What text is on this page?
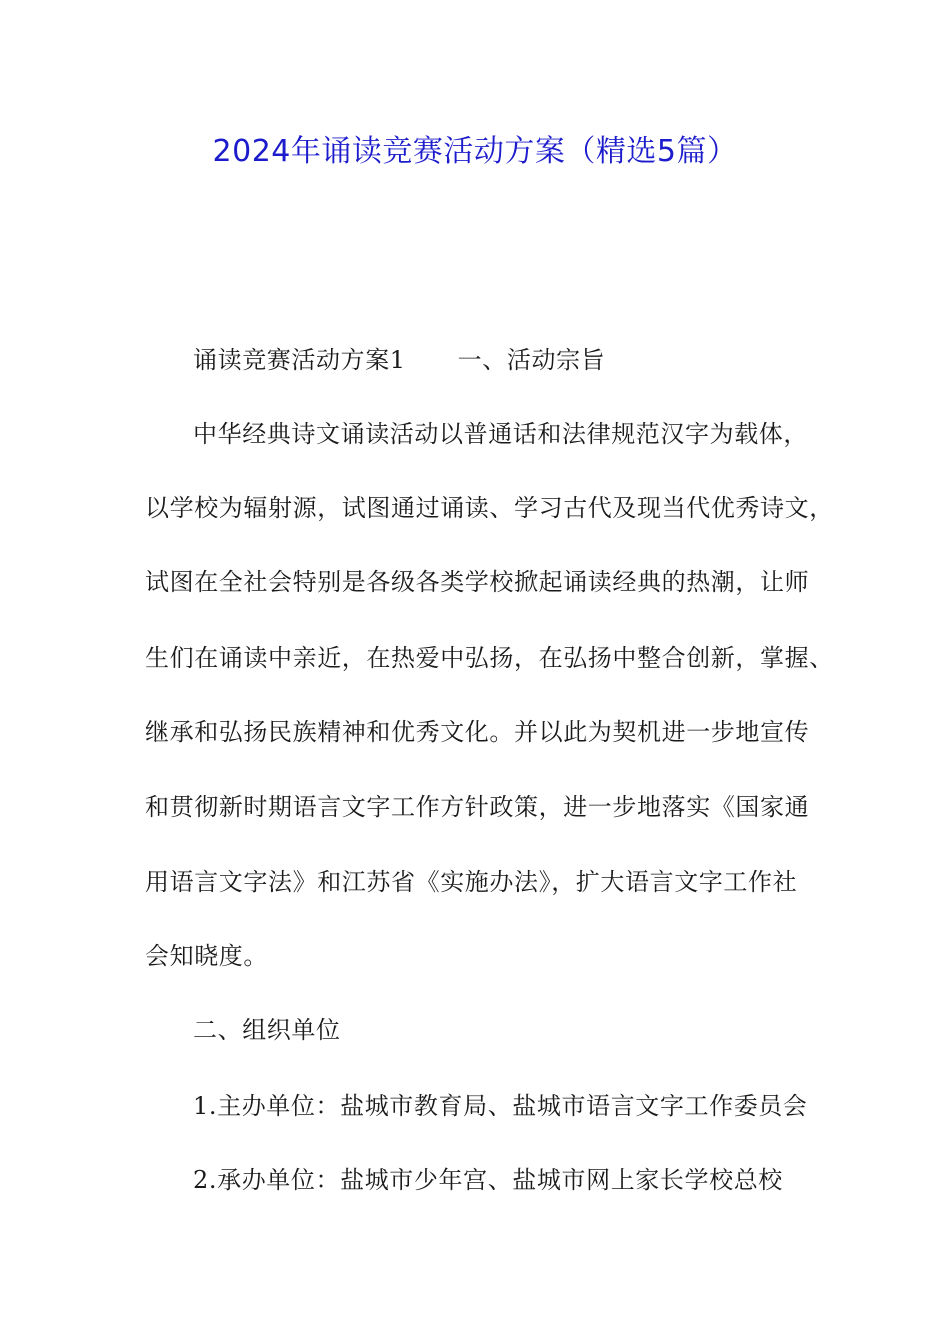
2024年诵读竞赛活动方案（精选5篇）
诵读竞赛活动方案1 一、活动宗旨
中华经典诗文诵读活动以普通话和法律规范汉字为载体，
以学校为辐射源，试图通过诵读、学习古代及现当代优秀诗文，
试图在全社会特别是各级各类学校掀起诵读经典的热潮，让师
生们在诵读中亲近，在热爱中弘扬，在弘扬中整合创新，掌握、
继承和弘扬民族精神和优秀文化。并以此为契机进一步地宣传
和贯彻新时期语言文字工作方针政策，进一步地落实《国家通
用语言文字法》和江苏省《实施办法》，扩大语言文字工作社
会知晓度。
二、组织单位
1.主办单位：盐城市教育局、盐城市语言文字工作委员会
2.承办单位：盐城市少年宫、盐城市网上家长学校总校
